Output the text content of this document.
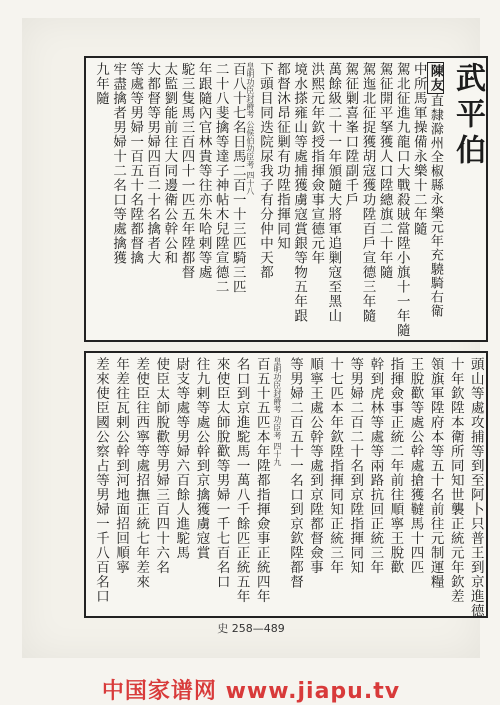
武平伯
陳友直隸滁州全椒縣永樂元年充驍騎右衛
中所馬軍操備永樂十二年隨
駕北征進九龍口大戰殺賊當陞小旗十一年隨
駕征開平拏獲人口陞總旗二十年隨
駕迤北征捉獲胡寇獲功陞百戶宣德三年隨
駕征剿喜峯口陞副千戶
萬餘級二十一年頒隨大將軍追剿寇至黑山
洪熙元年欽授指揮僉事宣德元年
境水搽雍山等處捕獲虜寇賞銀等物五年跟
都督沐昂征剿有功陞指揮同知
下頭目同迭院尿我子有分仲中天都
皇明功臣封爵考 公侯伯功臣考 四十八
百八十七名日馬二百一十三匹騎三匹
二十八斐擒等達子神帖木兒陞宣德二
年跟隨內官林貴等往亦朱哈剌等處
駝三隻馬三百四十一匹五年陞都督
太監劉能前往大同邊衛公幹公和
大都督等男婦四百二十名擒者大
等處等男婦一百五十名陞都督擒
牢盡擒者男婦十二名口等處擒獲
九年隨
頭山等處攻捕等到至阿卜只普王到京進德
十年欽陞本衛所同知世襲正統元年欽差
領旗軍陞府本等五十名前往元制運糧
王脫歡等處公幹處搶獲韃馬十四匹
指揮僉事正統二年前往順寧王脫歡
幹到虎林等處等兩路抗回正統三年
等男婦二百二十名到京陞指揮同知
十七匹本年欽陞指揮同知正統三年
順寧王處公幹等處到京陞都督僉事
等男婦二百五十一名口到京欽陞都督
皇明功臣封爵考 功臣考 四十九
百五十五匹本年陞都指揮僉事正統四年
名口到京進駝馬一萬八千餘匹正統五年
來使臣太師脫歡等男婦一千七百名口
往九剌等處公幹到京擒獲虜寇賞
尉支等處等男婦六百餘人進駝馬
使臣太師脫歡等男婦三百四十六名
差使臣往西寧等處招撫正統七年差來
年差往瓦剌公幹到河地面招回順寧
差來使臣國公察占等男婦一千八百名口
史 258—489
中国家谱网 www.jiapu.tv
